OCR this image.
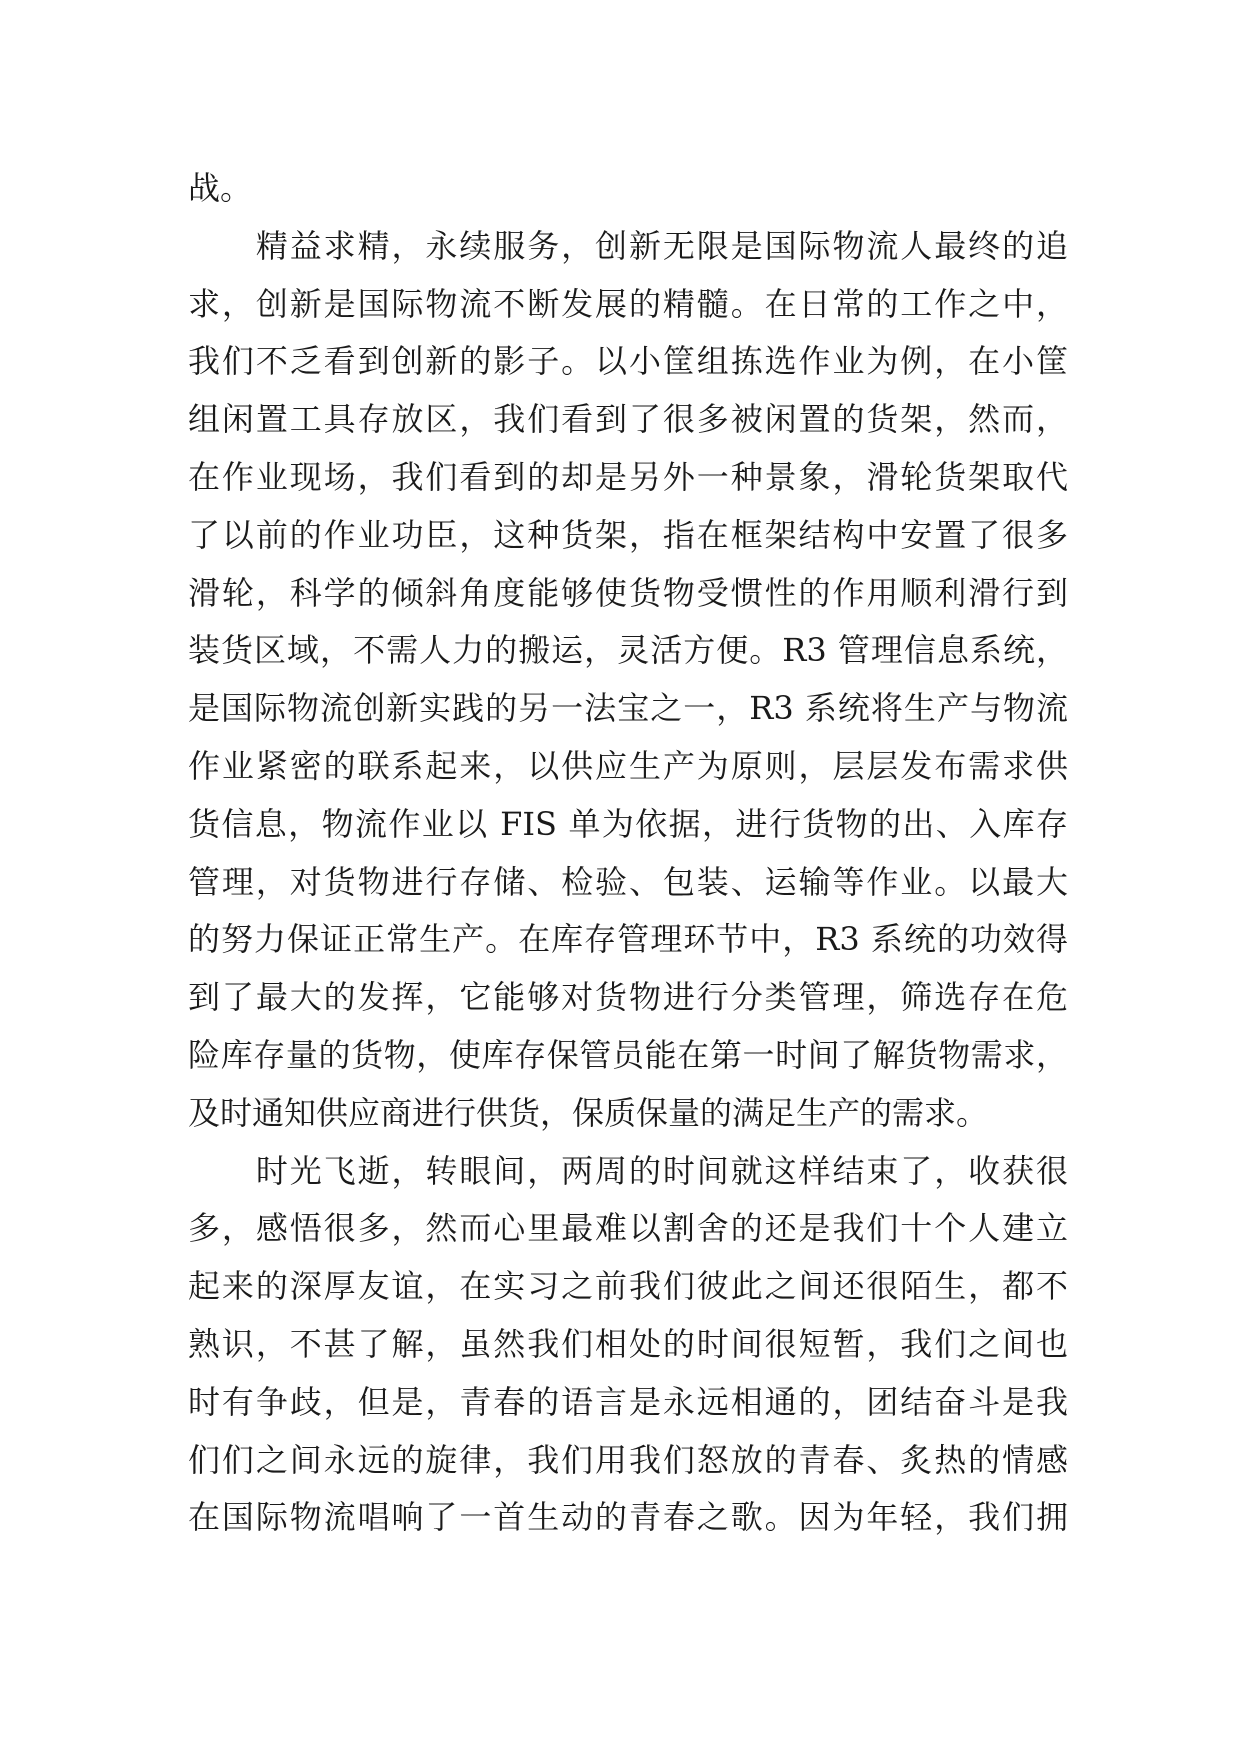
战。
　　精益求精，永续服务，创新无限是国际物流人最终的追
求，创新是国际物流不断发展的精髓。在日常的工作之中，
我们不乏看到创新的影子。以小筐组拣选作业为例，在小筐
组闲置工具存放区，我们看到了很多被闲置的货架，然而，
在作业现场，我们看到的却是另外一种景象，滑轮货架取代
了以前的作业功臣，这种货架，指在框架结构中安置了很多
滑轮，科学的倾斜角度能够使货物受惯性的作用顺利滑行到
装货区域，不需人力的搬运，灵活方便。R3 管理信息系统，
是国际物流创新实践的另一法宝之一，R3 系统将生产与物流
作业紧密的联系起来，以供应生产为原则，层层发布需求供
货信息，物流作业以 FIS 单为依据，进行货物的出、入库存
管理，对货物进行存储、检验、包装、运输等作业。以最大
的努力保证正常生产。在库存管理环节中，R3 系统的功效得
到了最大的发挥，它能够对货物进行分类管理，筛选存在危
险库存量的货物，使库存保管员能在第一时间了解货物需求，
及时通知供应商进行供货，保质保量的满足生产的需求。
　　时光飞逝，转眼间，两周的时间就这样结束了，收获很
多，感悟很多，然而心里最难以割舍的还是我们十个人建立
起来的深厚友谊，在实习之前我们彼此之间还很陌生，都不
熟识，不甚了解，虽然我们相处的时间很短暂，我们之间也
时有争歧，但是，青春的语言是永远相通的，团结奋斗是我
们们之间永远的旋律，我们用我们怒放的青春、炙热的情感
在国际物流唱响了一首生动的青春之歌。因为年轻，我们拥
